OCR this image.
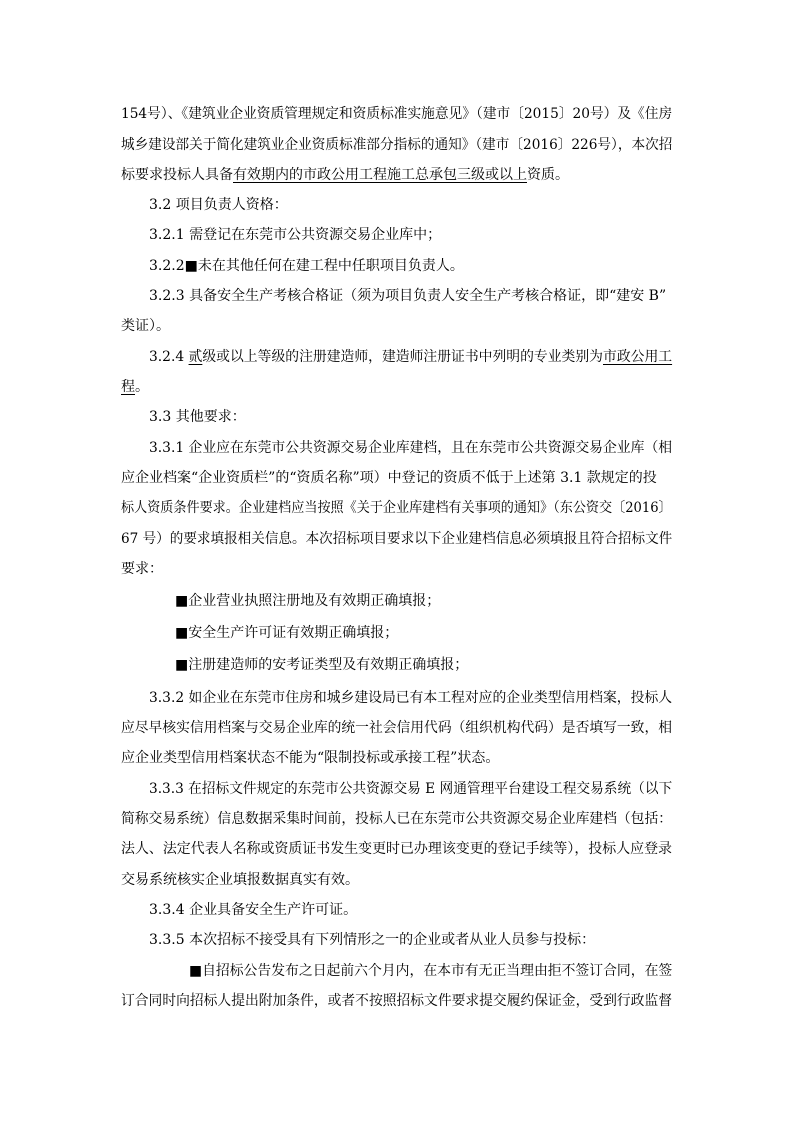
154号）、《建筑业企业资质管理规定和资质标准实施意见》（建市〔2015〕20号）及《住房
城乡建设部关于简化建筑业企业资质标准部分指标的通知》（建市〔2016〕226号），本次招
标要求投标人具备有效期内的市政公用工程施工总承包三级或以上资质。
3.2 项目负责人资格：
3.2.1 需登记在东莞市公共资源交易企业库中；
3.2.2■未在其他任何在建工程中任职项目负责人。
3.2.3 具备安全生产考核合格证（须为项目负责人安全生产考核合格证，即“建安 B”
类证）。
3.2.4 贰级或以上等级的注册建造师，建造师注册证书中列明的专业类别为市政公用工
程。
3.3 其他要求：
3.3.1 企业应在东莞市公共资源交易企业库建档，且在东莞市公共资源交易企业库（相
应企业档案“企业资质栏”的“资质名称”项）中登记的资质不低于上述第 3.1 款规定的投
标人资质条件要求。企业建档应当按照《关于企业库建档有关事项的通知》（东公资交〔2016〕
67 号）的要求填报相关信息。本次招标项目要求以下企业建档信息必须填报且符合招标文件
要求：
■企业营业执照注册地及有效期正确填报；
■安全生产许可证有效期正确填报；
■注册建造师的安考证类型及有效期正确填报；
3.3.2 如企业在东莞市住房和城乡建设局已有本工程对应的企业类型信用档案，投标人
应尽早核实信用档案与交易企业库的统一社会信用代码（组织机构代码）是否填写一致，相
应企业类型信用档案状态不能为“限制投标或承接工程”状态。
3.3.3 在招标文件规定的东莞市公共资源交易 E 网通管理平台建设工程交易系统（以下
简称交易系统）信息数据采集时间前，投标人已在东莞市公共资源交易企业库建档（包括：
法人、法定代表人名称或资质证书发生变更时已办理该变更的登记手续等），投标人应登录
交易系统核实企业填报数据真实有效。
3.3.4 企业具备安全生产许可证。
3.3.5 本次招标不接受具有下列情形之一的企业或者从业人员参与投标：
■自招标公告发布之日起前六个月内，在本市有无正当理由拒不签订合同，在签
订合同时向招标人提出附加条件，或者不按照招标文件要求提交履约保证金，受到行政监督
